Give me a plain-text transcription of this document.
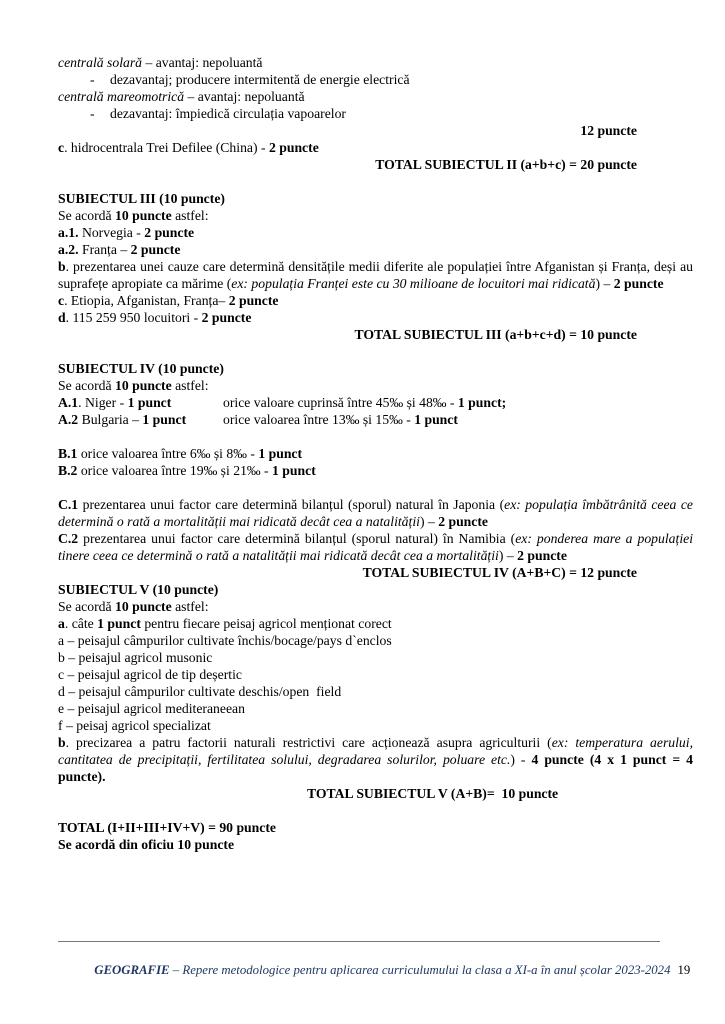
centrală solară – avantaj: nepoluantă
- dezavantaj; producere intermitentă de energie electrică
centrală mareomotrică – avantaj: nepoluantă
- dezavantaj: împiedică circulația vapoarelor
12 puncte
c. hidrocentrala Trei Defilee (China) - 2 puncte
TOTAL SUBIECTUL II (a+b+c) = 20 puncte
SUBIECTUL III (10 puncte)
Se acordă 10 puncte astfel:
a.1. Norvegia - 2 puncte
a.2. Franța – 2 puncte
b. prezentarea unei cauze care determină densitățile medii diferite ale populației între Afganistan și Franța, deși au suprafețe apropiate ca mărime (ex: populația Franței este cu 30 milioane de locuitori mai ridicată) – 2 puncte
c. Etiopia, Afganistan, Franța– 2 puncte
d. 115 259 950 locuitori - 2 puncte
TOTAL SUBIECTUL III (a+b+c+d) = 10 puncte
SUBIECTUL IV (10 puncte)
Se acordă 10 puncte astfel:
A.1. Niger - 1 punct	orice valoare cuprinsă între 45‰ și 48‰ - 1 punct;
A.2 Bulgaria – 1 punct	orice valoarea între 13‰ și 15‰ - 1 punct
B.1 orice valoarea între 6‰ și 8‰ - 1 punct
B.2 orice valoarea între 19‰ și 21‰ - 1 punct
C.1 prezentarea unui factor care determină bilanțul (sporul) natural în Japonia (ex: populația îmbătrânită ceea ce determină o rată a mortalității mai ridicată decât cea a natalității) – 2 puncte
C.2 prezentarea unui factor care determină bilanțul (sporul natural) în Namibia (ex: ponderea mare a populației tinere ceea ce determină o rată a natalității mai ridicată decât cea a mortalității) – 2 puncte
TOTAL SUBIECTUL IV (A+B+C) = 12 puncte
SUBIECTUL V (10 puncte)
Se acordă 10 puncte astfel:
a. câte 1 punct pentru fiecare peisaj agricol menționat corect
a – peisajul câmpurilor cultivate închis/bocage/pays d`enclos
b – peisajul agricol musonic
c – peisajul agricol de tip deșertic
d – peisajul câmpurilor cultivate deschis/open  field
e – peisajul agricol mediteraneean
f – peisaj agricol specializat
b. precizarea a patru factorii naturali restrictivi care acționează asupra agriculturii (ex: temperatura aerului, cantitatea de precipitații, fertilitatea solului, degradarea solurilor, poluare etc.) - 4 puncte (4 x 1 punct = 4 puncte).
TOTAL SUBIECTUL V (A+B)=  10 puncte
TOTAL (I+II+III+IV+V) = 90 puncte
Se acordă din oficiu 10 puncte

GEOGRAFIE – Repere metodologice pentru aplicarea curriculumului la clasa a XI-a în anul școlar 2023-2024 19
